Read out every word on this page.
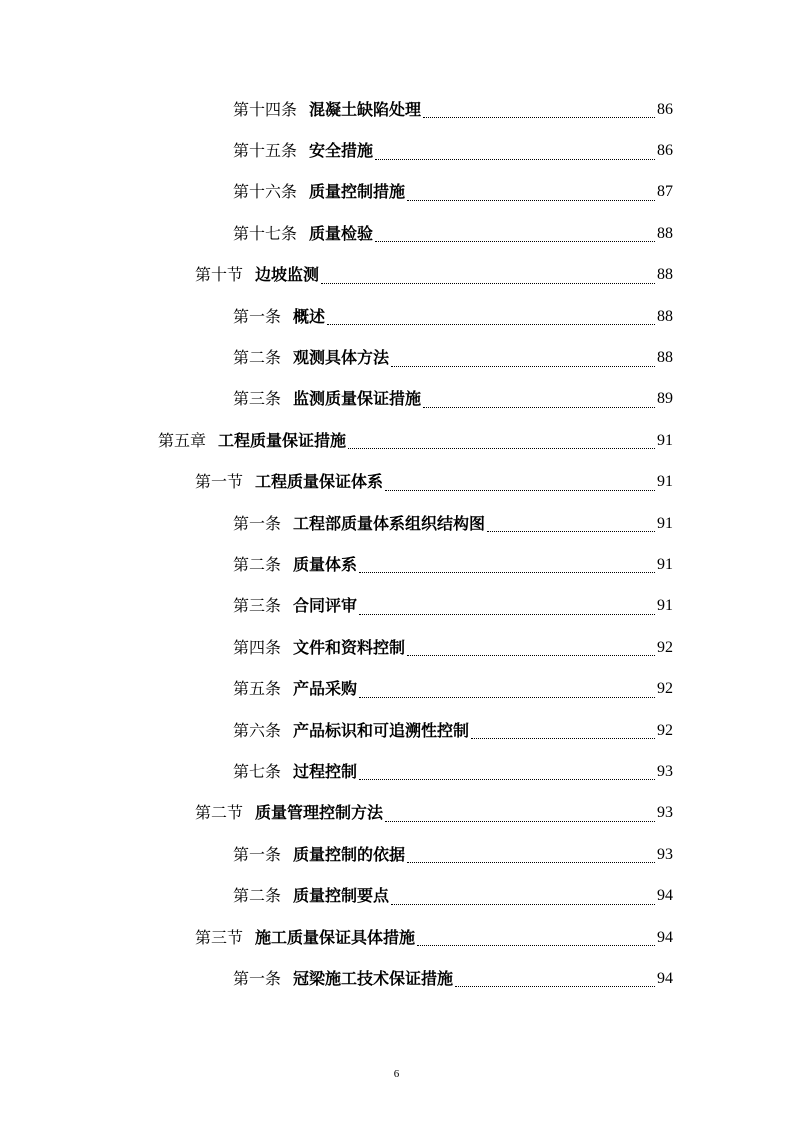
第十四条 混凝土缺陷处理	86
第十五条 安全措施	86
第十六条 质量控制措施	87
第十七条 质量检验	88
第十节 边坡监测	88
第一条 概述	88
第二条 观测具体方法	88
第三条 监测质量保证措施	89
第五章 工程质量保证措施	91
第一节 工程质量保证体系	91
第一条 工程部质量体系组织结构图	91
第二条 质量体系	91
第三条 合同评审	91
第四条 文件和资料控制	92
第五条 产品采购	92
第六条 产品标识和可追溯性控制	92
第七条 过程控制	93
第二节 质量管理控制方法	93
第一条 质量控制的依据	93
第二条 质量控制要点	94
第三节 施工质量保证具体措施	94
第一条 冠梁施工技术保证措施	94
6
